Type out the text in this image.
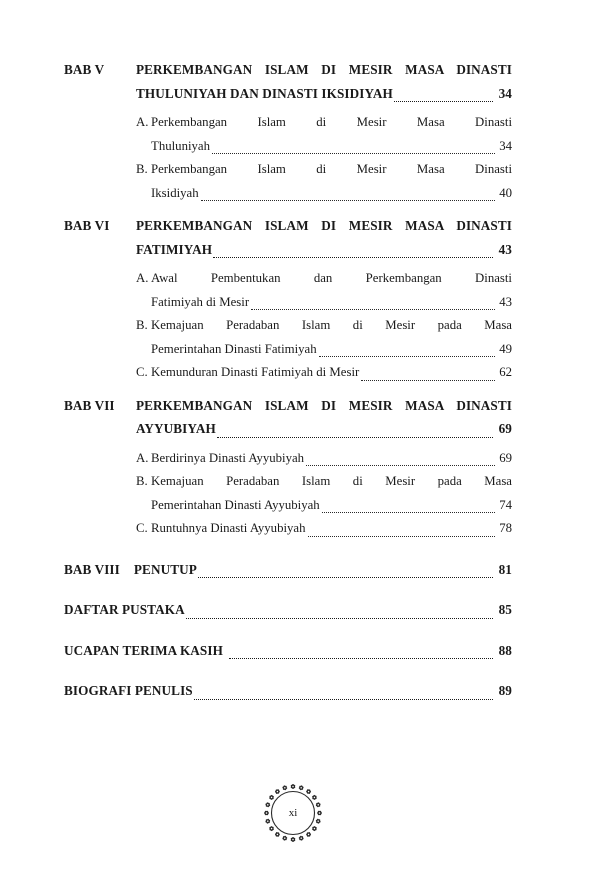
BAB V	PERKEMBANGAN ISLAM DI MESIR MASA DINASTI
THULUNIYAH DAN DINASTI IKSIDIYAH	34
A. Perkembangan Islam di Mesir Masa Dinasti
Thuluniyah	34
B. Perkembangan Islam di Mesir Masa Dinasti
Iksidiyah	40
BAB VI	PERKEMBANGAN ISLAM DI MESIR MASA DINASTI
FATIMIYAH	43
A. Awal Pembentukan dan Perkembangan Dinasti
Fatimiyah di Mesir	43
B. Kemajuan Peradaban Islam di Mesir pada Masa
Pemerintahan Dinasti Fatimiyah	49
C. Kemunduran Dinasti Fatimiyah di Mesir	62
BAB VII	PERKEMBANGAN ISLAM DI MESIR MASA DINASTI
AYYUBIYAH	69
A. Berdirinya Dinasti Ayyubiyah	69
B. Kemajuan Peradaban Islam di Mesir pada Masa
Pemerintahan Dinasti Ayyubiyah	74
C. Runtuhnya Dinasti Ayyubiyah	78
BAB VIII	PENUTUP	81
DAFTAR PUSTAKA	85
UCAPAN TERIMA KASIH	88
BIOGRAFI PENULIS	89
xi
